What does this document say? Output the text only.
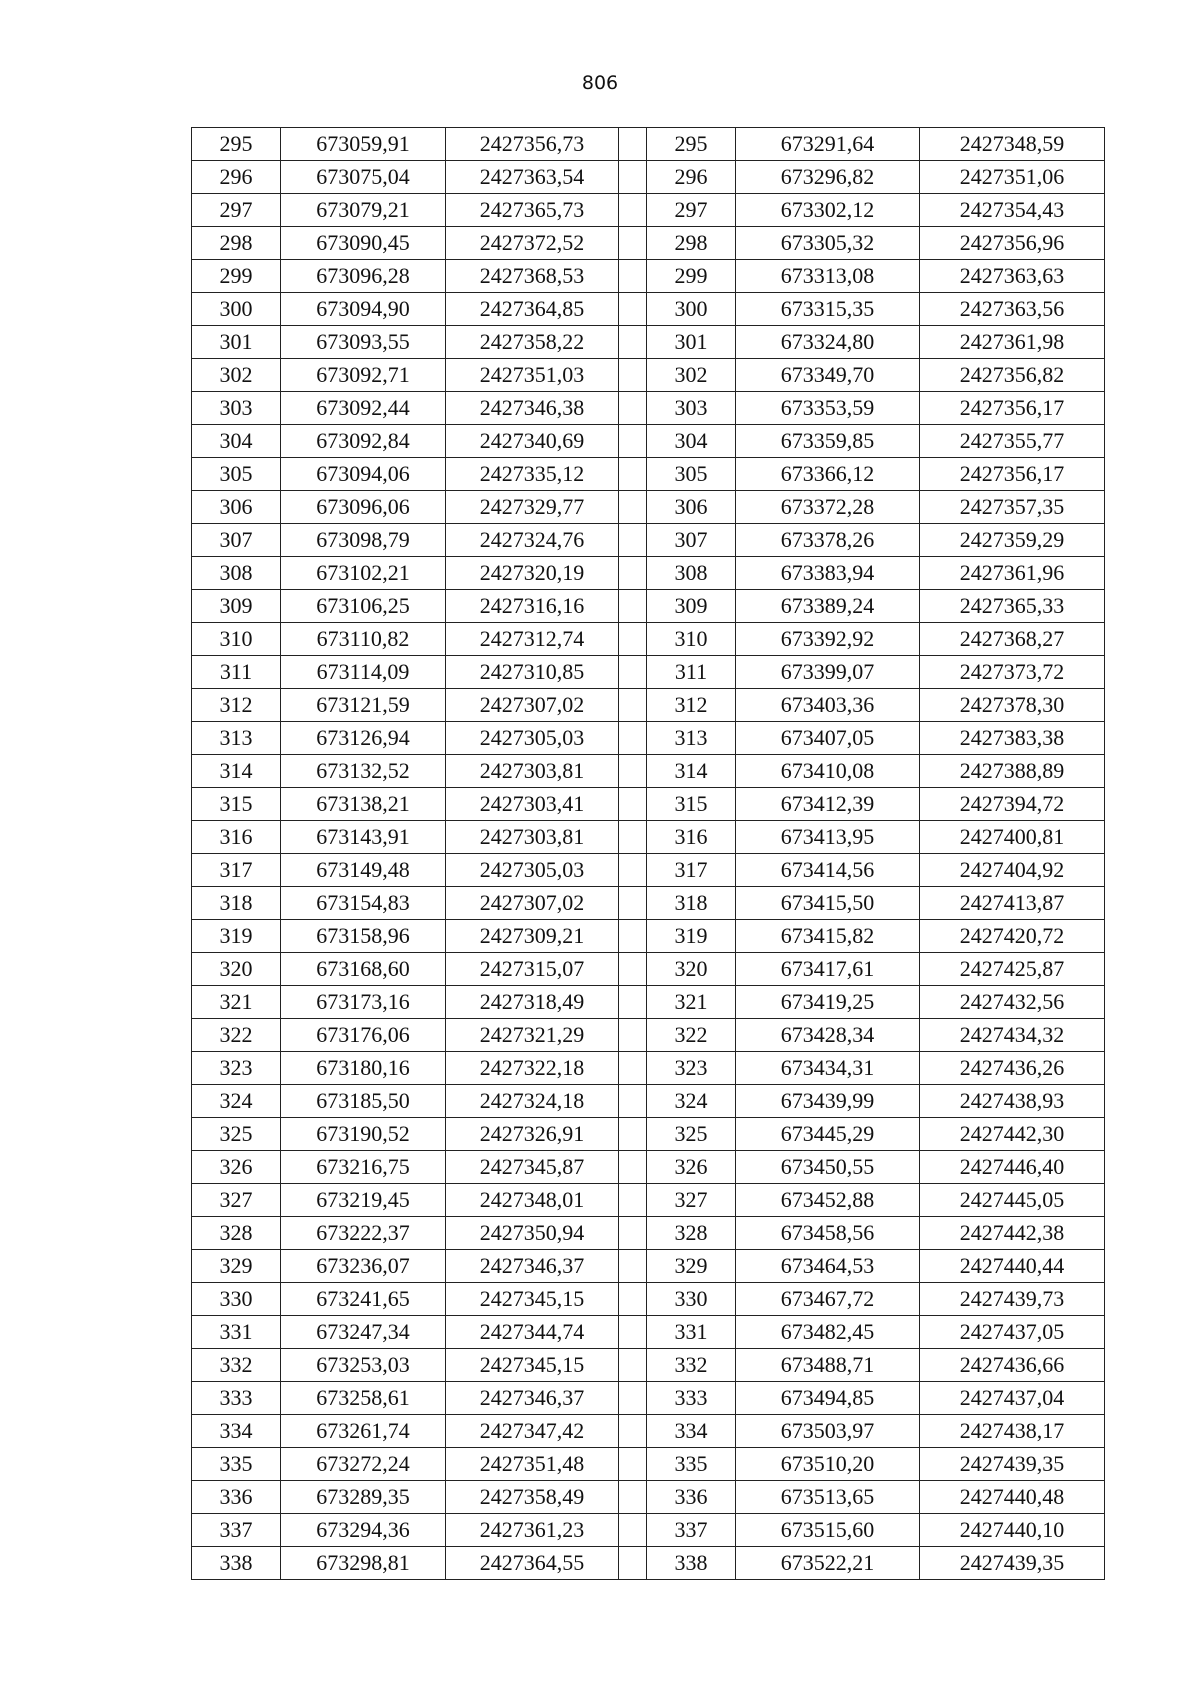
806
295	673059,91	2427356,73		295	673291,64	2427348,59
296	673075,04	2427363,54		296	673296,82	2427351,06
297	673079,21	2427365,73		297	673302,12	2427354,43
298	673090,45	2427372,52		298	673305,32	2427356,96
299	673096,28	2427368,53		299	673313,08	2427363,63
300	673094,90	2427364,85		300	673315,35	2427363,56
301	673093,55	2427358,22		301	673324,80	2427361,98
302	673092,71	2427351,03		302	673349,70	2427356,82
303	673092,44	2427346,38		303	673353,59	2427356,17
304	673092,84	2427340,69		304	673359,85	2427355,77
305	673094,06	2427335,12		305	673366,12	2427356,17
306	673096,06	2427329,77		306	673372,28	2427357,35
307	673098,79	2427324,76		307	673378,26	2427359,29
308	673102,21	2427320,19		308	673383,94	2427361,96
309	673106,25	2427316,16		309	673389,24	2427365,33
310	673110,82	2427312,74		310	673392,92	2427368,27
311	673114,09	2427310,85		311	673399,07	2427373,72
312	673121,59	2427307,02		312	673403,36	2427378,30
313	673126,94	2427305,03		313	673407,05	2427383,38
314	673132,52	2427303,81		314	673410,08	2427388,89
315	673138,21	2427303,41		315	673412,39	2427394,72
316	673143,91	2427303,81		316	673413,95	2427400,81
317	673149,48	2427305,03		317	673414,56	2427404,92
318	673154,83	2427307,02		318	673415,50	2427413,87
319	673158,96	2427309,21		319	673415,82	2427420,72
320	673168,60	2427315,07		320	673417,61	2427425,87
321	673173,16	2427318,49		321	673419,25	2427432,56
322	673176,06	2427321,29		322	673428,34	2427434,32
323	673180,16	2427322,18		323	673434,31	2427436,26
324	673185,50	2427324,18		324	673439,99	2427438,93
325	673190,52	2427326,91		325	673445,29	2427442,30
326	673216,75	2427345,87		326	673450,55	2427446,40
327	673219,45	2427348,01		327	673452,88	2427445,05
328	673222,37	2427350,94		328	673458,56	2427442,38
329	673236,07	2427346,37		329	673464,53	2427440,44
330	673241,65	2427345,15		330	673467,72	2427439,73
331	673247,34	2427344,74		331	673482,45	2427437,05
332	673253,03	2427345,15		332	673488,71	2427436,66
333	673258,61	2427346,37		333	673494,85	2427437,04
334	673261,74	2427347,42		334	673503,97	2427438,17
335	673272,24	2427351,48		335	673510,20	2427439,35
336	673289,35	2427358,49		336	673513,65	2427440,48
337	673294,36	2427361,23		337	673515,60	2427440,10
338	673298,81	2427364,55		338	673522,21	2427439,35
